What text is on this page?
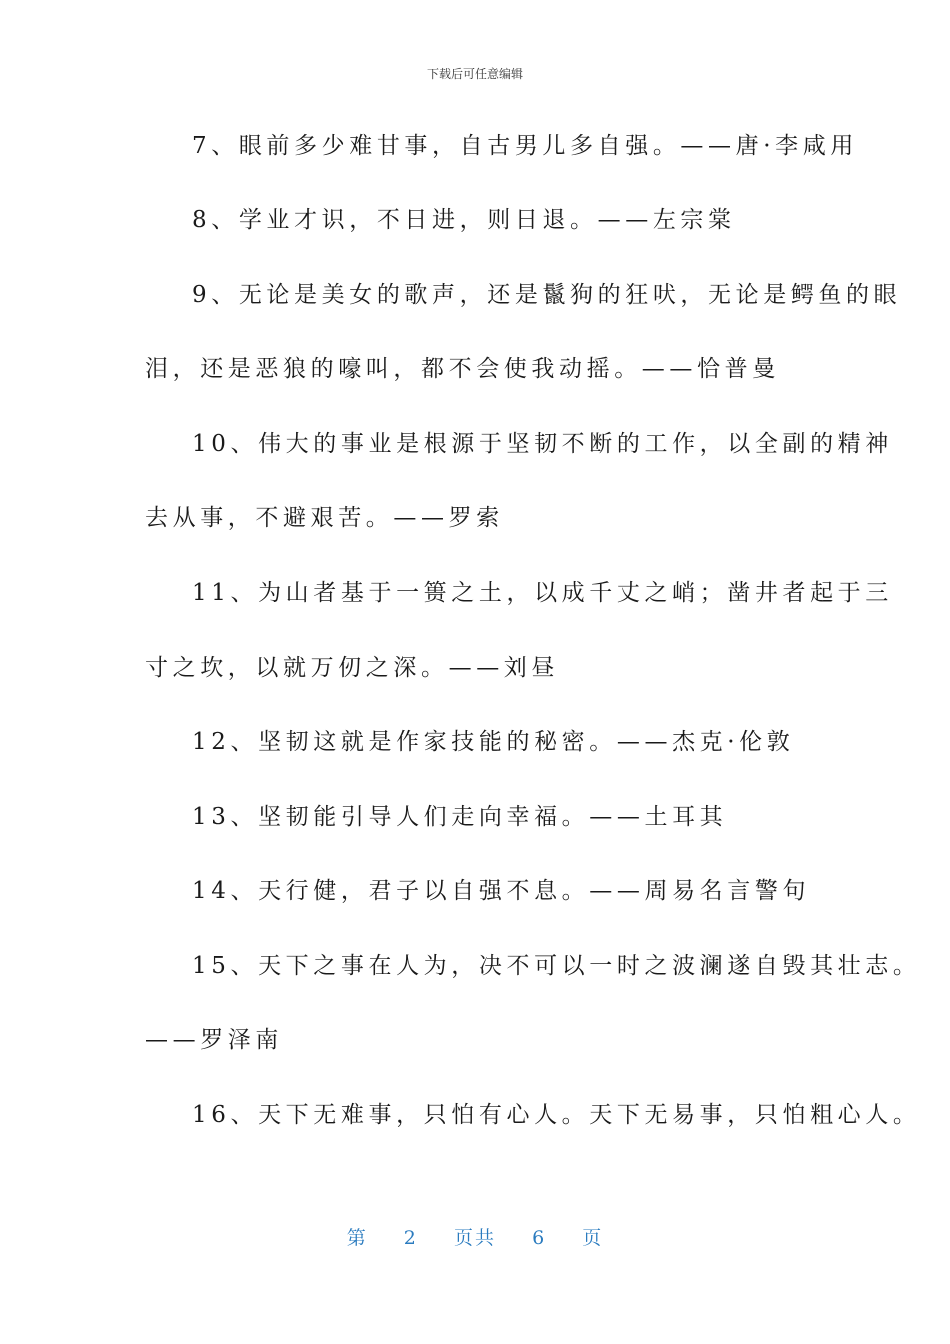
下载后可任意编辑
7、眼前多少难甘事，自古男儿多自强。——唐·李咸用
8、学业才识，不日进，则日退。——左宗棠
9、无论是美女的歌声，还是鬣狗的狂吠，无论是鳄鱼的眼
泪，还是恶狼的嚎叫，都不会使我动摇。——恰普曼
10、伟大的事业是根源于坚韧不断的工作，以全副的精神
去从事，不避艰苦。——罗索
11、为山者基于一篑之土，以成千丈之峭；凿井者起于三
寸之坎，以就万仞之深。——刘昼
12、坚韧这就是作家技能的秘密。——杰克·伦敦
13、坚韧能引导人们走向幸福。——土耳其
14、天行健，君子以自强不息。——周易名言警句
15、天下之事在人为，决不可以一时之波澜遂自毁其壮志。
——罗泽南
16、天下无难事，只怕有心人。天下无易事，只怕粗心人。
第 2 页共 6 页
